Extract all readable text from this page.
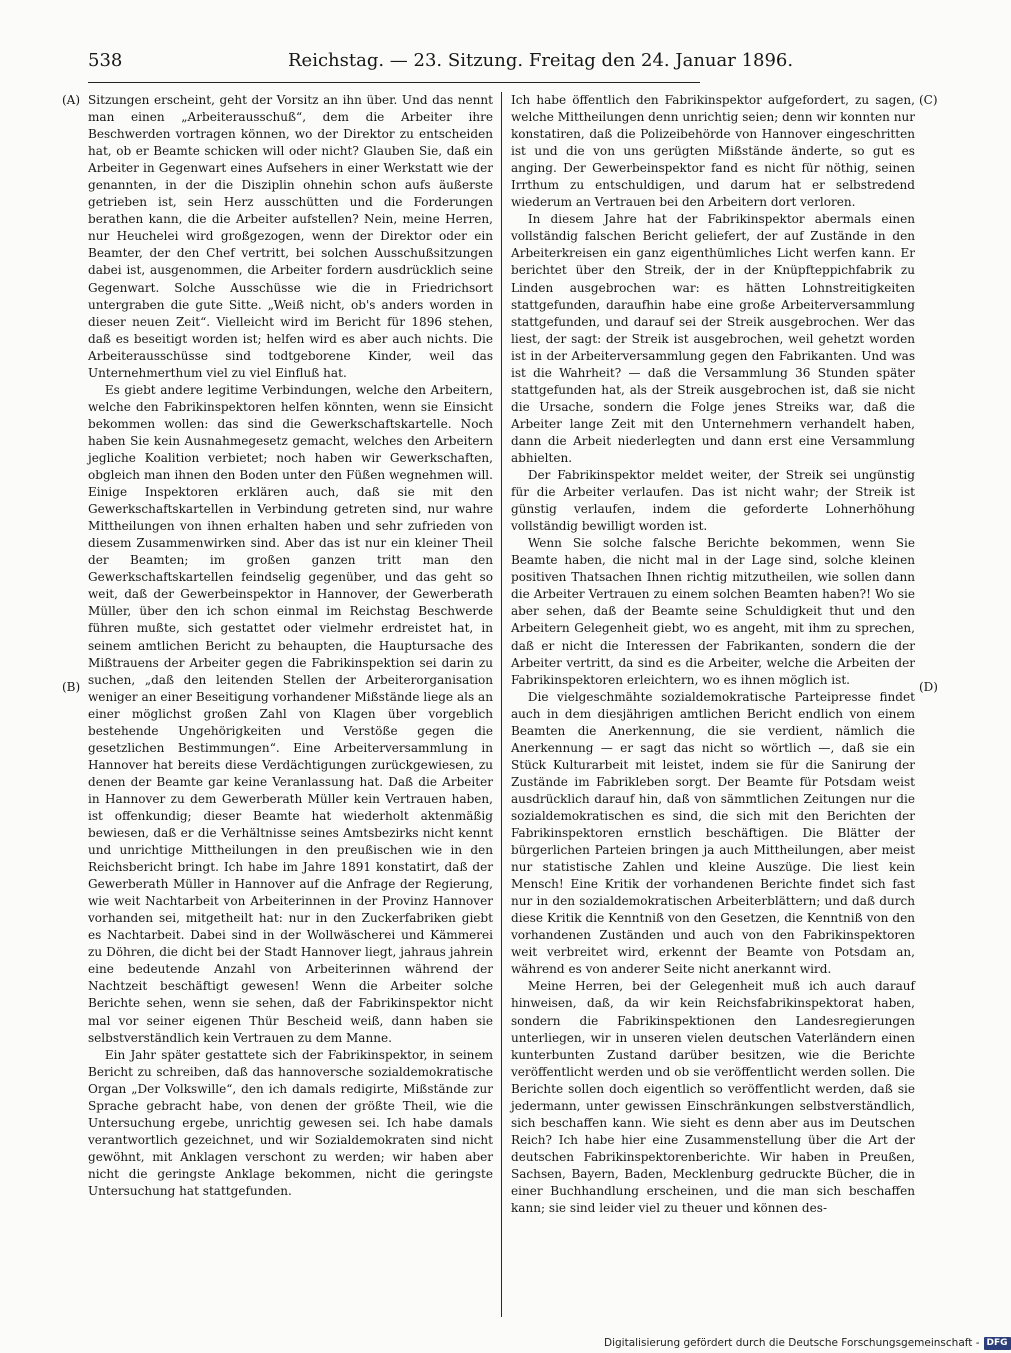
538	Reichstag. — 23. Sitzung. Freitag den 24. Januar 1896.
(A)
(B)
(C)
(D)

Sitzungen erscheint, geht der Vorsitz an ihn über. Und das nennt man einen „Arbeiterausschuß“, dem die Arbeiter ihre Beschwerden vortragen können, wo der Direktor zu entscheiden hat, ob er Beamte schicken will oder nicht? Glauben Sie, daß ein Arbeiter in Gegenwart eines Aufsehers in einer Werkstatt wie der genannten, in der die Disziplin ohnehin schon aufs äußerste getrieben ist, sein Herz ausschütten und die Forderungen berathen kann, die die Arbeiter aufstellen? Nein, meine Herren, nur Heuchelei wird großgezogen, wenn der Direktor oder ein Beamter, der den Chef vertritt, bei solchen Ausschußsitzungen dabei ist, ausgenommen, die Arbeiter fordern ausdrücklich seine Gegenwart. Solche Ausschüsse wie die in Friedrichsort untergraben die gute Sitte. „Weiß nicht, ob's anders worden in dieser neuen Zeit“. Vielleicht wird im Bericht für 1896 stehen, daß es beseitigt worden ist; helfen wird es aber auch nichts. Die Arbeiterausschüsse sind todtgeborene Kinder, weil das Unternehmerthum viel zu viel Einfluß hat.

Es giebt andere legitime Verbindungen, welche den Arbeitern, welche den Fabrikinspektoren helfen könnten, wenn sie Einsicht bekommen wollen: das sind die Gewerkschaftskartelle. Noch haben Sie kein Ausnahmegesetz gemacht, welches den Arbeitern jegliche Koalition verbietet; noch haben wir Gewerkschaften, obgleich man ihnen den Boden unter den Füßen wegnehmen will. Einige Inspektoren erklären auch, daß sie mit den Gewerkschaftskartellen in Verbindung getreten sind, nur wahre Mittheilungen von ihnen erhalten haben und sehr zufrieden von diesem Zusammenwirken sind. Aber das ist nur ein kleiner Theil der Beamten; im großen ganzen tritt man den Gewerkschaftskartellen feindselig gegenüber, und das geht so weit, daß der Gewerbeinspektor in Hannover, der Gewerberath Müller, über den ich schon einmal im Reichstag Beschwerde führen mußte, sich gestattet oder vielmehr erdreistet hat, in seinem amtlichen Bericht zu behaupten, die Hauptursache des Mißtrauens der Arbeiter gegen die Fabrikinspektion sei darin zu suchen, „daß den leitenden Stellen der Arbeiterorganisation weniger an einer Beseitigung vorhandener Mißstände liege als an einer möglichst großen Zahl von Klagen über vorgeblich bestehende Ungehörigkeiten und Verstöße gegen die gesetzlichen Bestimmungen“. Eine Arbeiterversammlung in Hannover hat bereits diese Verdächtigungen zurückgewiesen, zu denen der Beamte gar keine Veranlassung hat. Daß die Arbeiter in Hannover zu dem Gewerberath Müller kein Vertrauen haben, ist offenkundig; dieser Beamte hat wiederholt aktenmäßig bewiesen, daß er die Verhältnisse seines Amtsbezirks nicht kennt und unrichtige Mittheilungen in den preußischen wie in den Reichsbericht bringt. Ich habe im Jahre 1891 konstatirt, daß der Gewerberath Müller in Hannover auf die Anfrage der Regierung, wie weit Nachtarbeit von Arbeiterinnen in der Provinz Hannover vorhanden sei, mitgetheilt hat: nur in den Zuckerfabriken giebt es Nachtarbeit. Dabei sind in der Wollwäscherei und Kämmerei zu Döhren, die dicht bei der Stadt Hannover liegt, jahraus jahrein eine bedeutende Anzahl von Arbeiterinnen während der Nachtzeit beschäftigt gewesen! Wenn die Arbeiter solche Berichte sehen, wenn sie sehen, daß der Fabrikinspektor nicht mal vor seiner eigenen Thür Bescheid weiß, dann haben sie selbstverständlich kein Vertrauen zu dem Manne.

Ein Jahr später gestattete sich der Fabrikinspektor, in seinem Bericht zu schreiben, daß das hannoversche sozialdemokratische Organ „Der Volkswille“, den ich damals redigirte, Mißstände zur Sprache gebracht habe, von denen der größte Theil, wie die Untersuchung ergebe, unrichtig gewesen sei. Ich habe damals verantwortlich gezeichnet, und wir Sozialdemokraten sind nicht gewöhnt, mit Anklagen verschont zu werden; wir haben aber nicht die geringste Anklage bekommen, nicht die geringste Untersuchung hat stattgefunden.

Ich habe öffentlich den Fabrikinspektor aufgefordert, zu sagen, welche Mittheilungen denn unrichtig seien; denn wir konnten nur konstatiren, daß die Polizeibehörde von Hannover eingeschritten ist und die von uns gerügten Mißstände änderte, so gut es anging. Der Gewerbeinspektor fand es nicht für nöthig, seinen Irrthum zu entschuldigen, und darum hat er selbstredend wiederum an Vertrauen bei den Arbeitern dort verloren.

In diesem Jahre hat der Fabrikinspektor abermals einen vollständig falschen Bericht geliefert, der auf Zustände in den Arbeiterkreisen ein ganz eigenthümliches Licht werfen kann. Er berichtet über den Streik, der in der Knüpfteppichfabrik zu Linden ausgebrochen war: es hätten Lohnstreitigkeiten stattgefunden, daraufhin habe eine große Arbeiterversammlung stattgefunden, und darauf sei der Streik ausgebrochen. Wer das liest, der sagt: der Streik ist ausgebrochen, weil gehetzt worden ist in der Arbeiterversammlung gegen den Fabrikanten. Und was ist die Wahrheit? — daß die Versammlung 36 Stunden später stattgefunden hat, als der Streik ausgebrochen ist, daß sie nicht die Ursache, sondern die Folge jenes Streiks war, daß die Arbeiter lange Zeit mit den Unternehmern verhandelt haben, dann die Arbeit niederlegten und dann erst eine Versammlung abhielten.

Der Fabrikinspektor meldet weiter, der Streik sei ungünstig für die Arbeiter verlaufen. Das ist nicht wahr; der Streik ist günstig verlaufen, indem die geforderte Lohnerhöhung vollständig bewilligt worden ist.

Wenn Sie solche falsche Berichte bekommen, wenn Sie Beamte haben, die nicht mal in der Lage sind, solche kleinen positiven Thatsachen Ihnen richtig mitzutheilen, wie sollen dann die Arbeiter Vertrauen zu einem solchen Beamten haben?! Wo sie aber sehen, daß der Beamte seine Schuldigkeit thut und den Arbeitern Gelegenheit giebt, wo es angeht, mit ihm zu sprechen, daß er nicht die Interessen der Fabrikanten, sondern die der Arbeiter vertritt, da sind es die Arbeiter, welche die Arbeiten der Fabrikinspektoren erleichtern, wo es ihnen möglich ist.

Die vielgeschmähte sozialdemokratische Parteipresse findet auch in dem diesjährigen amtlichen Bericht endlich von einem Beamten die Anerkennung, die sie verdient, nämlich die Anerkennung — er sagt das nicht so wörtlich —, daß sie ein Stück Kulturarbeit mit leistet, indem sie für die Sanirung der Zustände im Fabrikleben sorgt. Der Beamte für Potsdam weist ausdrücklich darauf hin, daß von sämmtlichen Zeitungen nur die sozialdemokratischen es sind, die sich mit den Berichten der Fabrikinspektoren ernstlich beschäftigen. Die Blätter der bürgerlichen Parteien bringen ja auch Mittheilungen, aber meist nur statistische Zahlen und kleine Auszüge. Die liest kein Mensch! Eine Kritik der vorhandenen Berichte findet sich fast nur in den sozialdemokratischen Arbeiterblättern; und daß durch diese Kritik die Kenntniß von den Gesetzen, die Kenntniß von den vorhandenen Zuständen und auch von den Fabrikinspektoren weit verbreitet wird, erkennt der Beamte von Potsdam an, während es von anderer Seite nicht anerkannt wird.

Meine Herren, bei der Gelegenheit muß ich auch darauf hinweisen, daß, da wir kein Reichsfabrikinspektorat haben, sondern die Fabrikinspektionen den Landesregierungen unterliegen, wir in unseren vielen deutschen Vaterländern einen kunterbunten Zustand darüber besitzen, wie die Berichte veröffentlicht werden und ob sie veröffentlicht werden sollen. Die Berichte sollen doch eigentlich so veröffentlicht werden, daß sie jedermann, unter gewissen Einschränkungen selbstverständlich, sich beschaffen kann. Wie sieht es denn aber aus im Deutschen Reich? Ich habe hier eine Zusammenstellung über die Art der deutschen Fabrikinspektorenberichte. Wir haben in Preußen, Sachsen, Bayern, Baden, Mecklenburg gedruckte Bücher, die in einer Buchhandlung erscheinen, und die man sich beschaffen kann; sie sind leider viel zu theuer und können des-

Digitalisierung gefördert durch die Deutsche Forschungsgemeinschaft - DFG
